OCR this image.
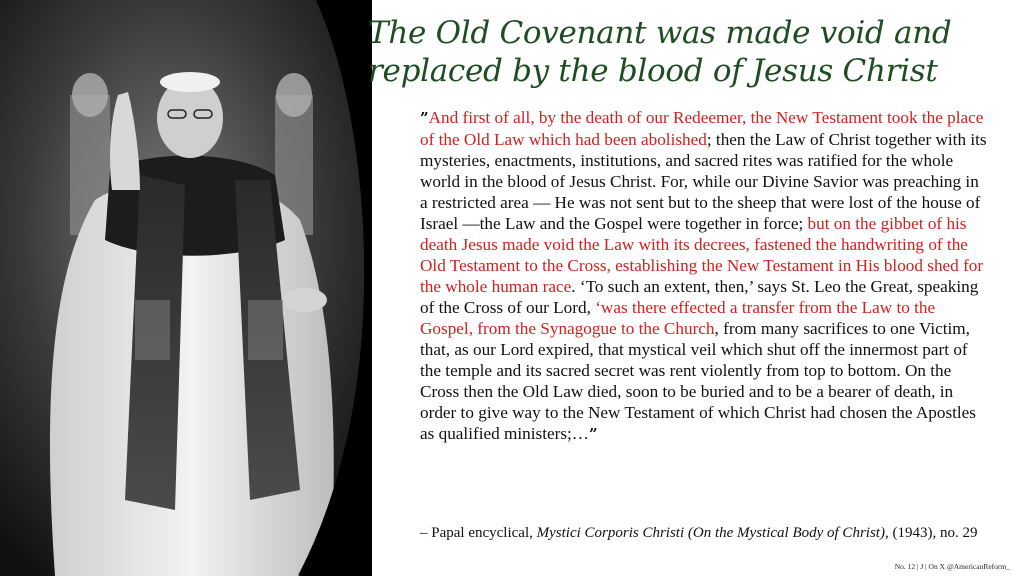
The Old Covenant was made void and replaced by the blood of Jesus Christ
”And first of all, by the death of our Redeemer, the New Testament took the place of the Old Law which had been abolished; then the Law of Christ together with its mysteries, enactments, institutions, and sacred rites was ratified for the whole world in the blood of Jesus Christ. For, while our Divine Savior was preaching in a restricted area — He was not sent but to the sheep that were lost of the house of Israel —the Law and the Gospel were together in force; but on the gibbet of his death Jesus made void the Law with its decrees, fastened the handwriting of the Old Testament to the Cross, establishing the New Testament in His blood shed for the whole human race. ‘To such an extent, then,’ says St. Leo the Great, speaking of the Cross of our Lord, ‘was there effected a transfer from the Law to the Gospel, from the Synagogue to the Church, from many sacrifices to one Victim, that, as our Lord expired, that mystical veil which shut off the innermost part of the temple and its sacred secret was rent violently from top to bottom. On the Cross then the Old Law died, soon to be buried and to be a bearer of death, in order to give way to the New Testament of which Christ had chosen the Apostles as qualified ministers;…”
– Papal encyclical, Mystici Corporis Christi (On the Mystical Body of Christ), (1943), no. 29
No. 12 | J | On X @AmericanReform_
